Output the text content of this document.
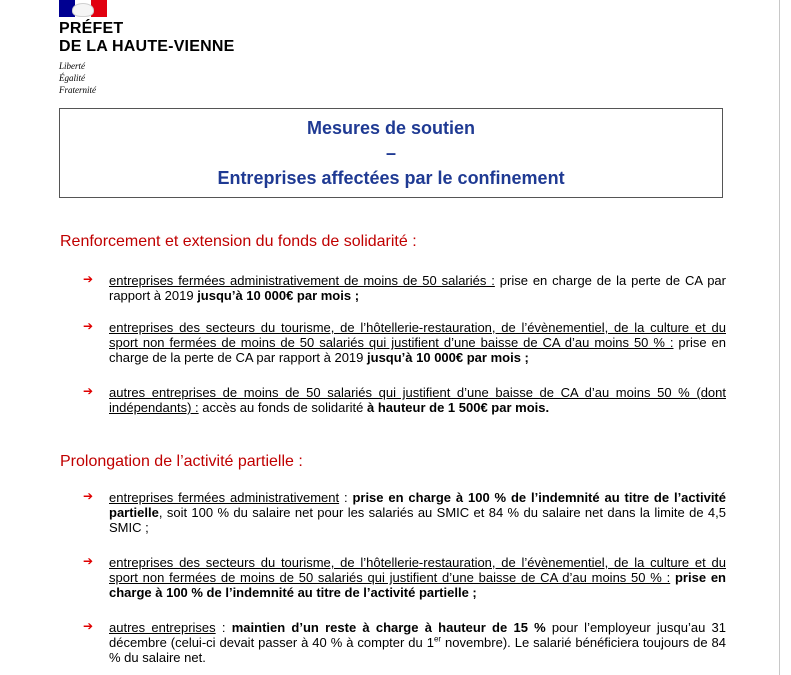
PRÉFET
DE LA HAUTE-VIENNE
Liberté
Égalité
Fraternité
Mesures de soutien
–
Entreprises affectées par le confinement
Renforcement et extension du fonds de solidarité :
➔ entreprises fermées administrativement de moins de 50 salariés : prise en charge de la perte de CA par rapport à 2019 jusqu’à 10 000€ par mois ;
➔ entreprises des secteurs du tourisme, de l’hôtellerie-restauration, de l’évènementiel, de la culture et du sport non fermées de moins de 50 salariés qui justifient d’une baisse de CA d’au moins 50 % : prise en charge de la perte de CA par rapport à 2019 jusqu’à 10 000€ par mois ;
➔ autres entreprises de moins de 50 salariés qui justifient d’une baisse de CA d’au moins 50 % (dont indépendants) : accès au fonds de solidarité à hauteur de 1 500€ par mois.
Prolongation de l’activité partielle :
➔ entreprises fermées administrativement : prise en charge à 100 % de l’indemnité au titre de l’activité partielle, soit 100 % du salaire net pour les salariés au SMIC et 84 % du salaire net dans la limite de 4,5 SMIC ;
➔ entreprises des secteurs du tourisme, de l’hôtellerie-restauration, de l’évènementiel, de la culture et du sport non fermées de moins de 50 salariés qui justifient d’une baisse de CA d’au moins 50 % : prise en charge à 100 % de l’indemnité au titre de l’activité partielle ;
➔ autres entreprises : maintien d’un reste à charge à hauteur de 15 % pour l’employeur jusqu’au 31 décembre (celui-ci devait passer à 40 % à compter du 1er novembre). Le salarié bénéficiera toujours de 84 % du salaire net.
